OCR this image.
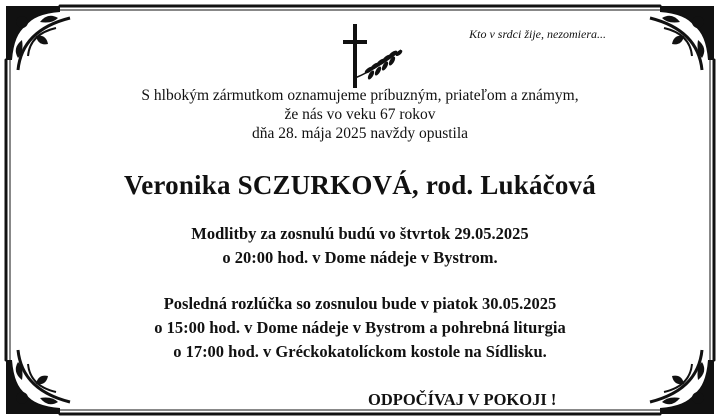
Kto v srdci žije, nezomiera...
S hlbokým zármutkom oznamujeme príbuzným, priateľom a známym,
že nás vo veku 67 rokov
dňa 28. mája 2025 navždy opustila
Veronika SCZURKOVÁ, rod. Lukáčová
Modlitby za zosnulú budú vo štvrtok 29.05.2025
o 20:00 hod. v Dome nádeje v Bystrom.
Posledná rozlúčka so zosnulou bude v piatok 30.05.2025
o 15:00 hod. v Dome nádeje v Bystrom a pohrebná liturgia
o 17:00 hod. v Gréckokatolíckom kostole na Sídlisku.
ODPOČÍVAJ V POKOJI !
